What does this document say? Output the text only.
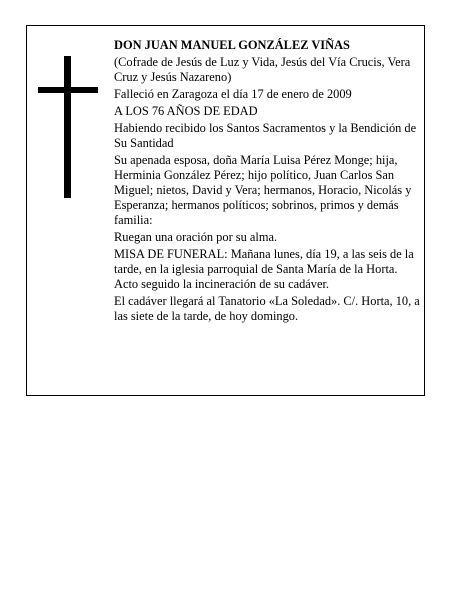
DON JUAN MANUEL GONZÁLEZ VIÑAS

(Cofrade de Jesús de Luz y Vida, Jesús del Vía Crucis, Vera Cruz y Jesús Nazareno)

Falleció en Zaragoza el día 17 de enero de 2009

A LOS 76 AÑOS DE EDAD

Habiendo recibido los Santos Sacramentos y la Bendición de Su Santidad

Su apenada esposa, doña María Luisa Pérez Monge; hija, Herminia González Pérez; hijo político, Juan Carlos San Miguel; nietos, David y Vera; hermanos, Horacio, Nicolás y Esperanza; hermanos políticos; sobrinos, primos y demás familia:

Ruegan una oración por su alma.

MISA DE FUNERAL: Mañana lunes, día 19, a las seis de la tarde, en la iglesia parroquial de Santa María de la Horta. Acto seguido la incineración de su cadáver.

El cadáver llegará al Tanatorio «La Soledad». C/. Horta, 10, a las siete de la tarde, de hoy domingo.
